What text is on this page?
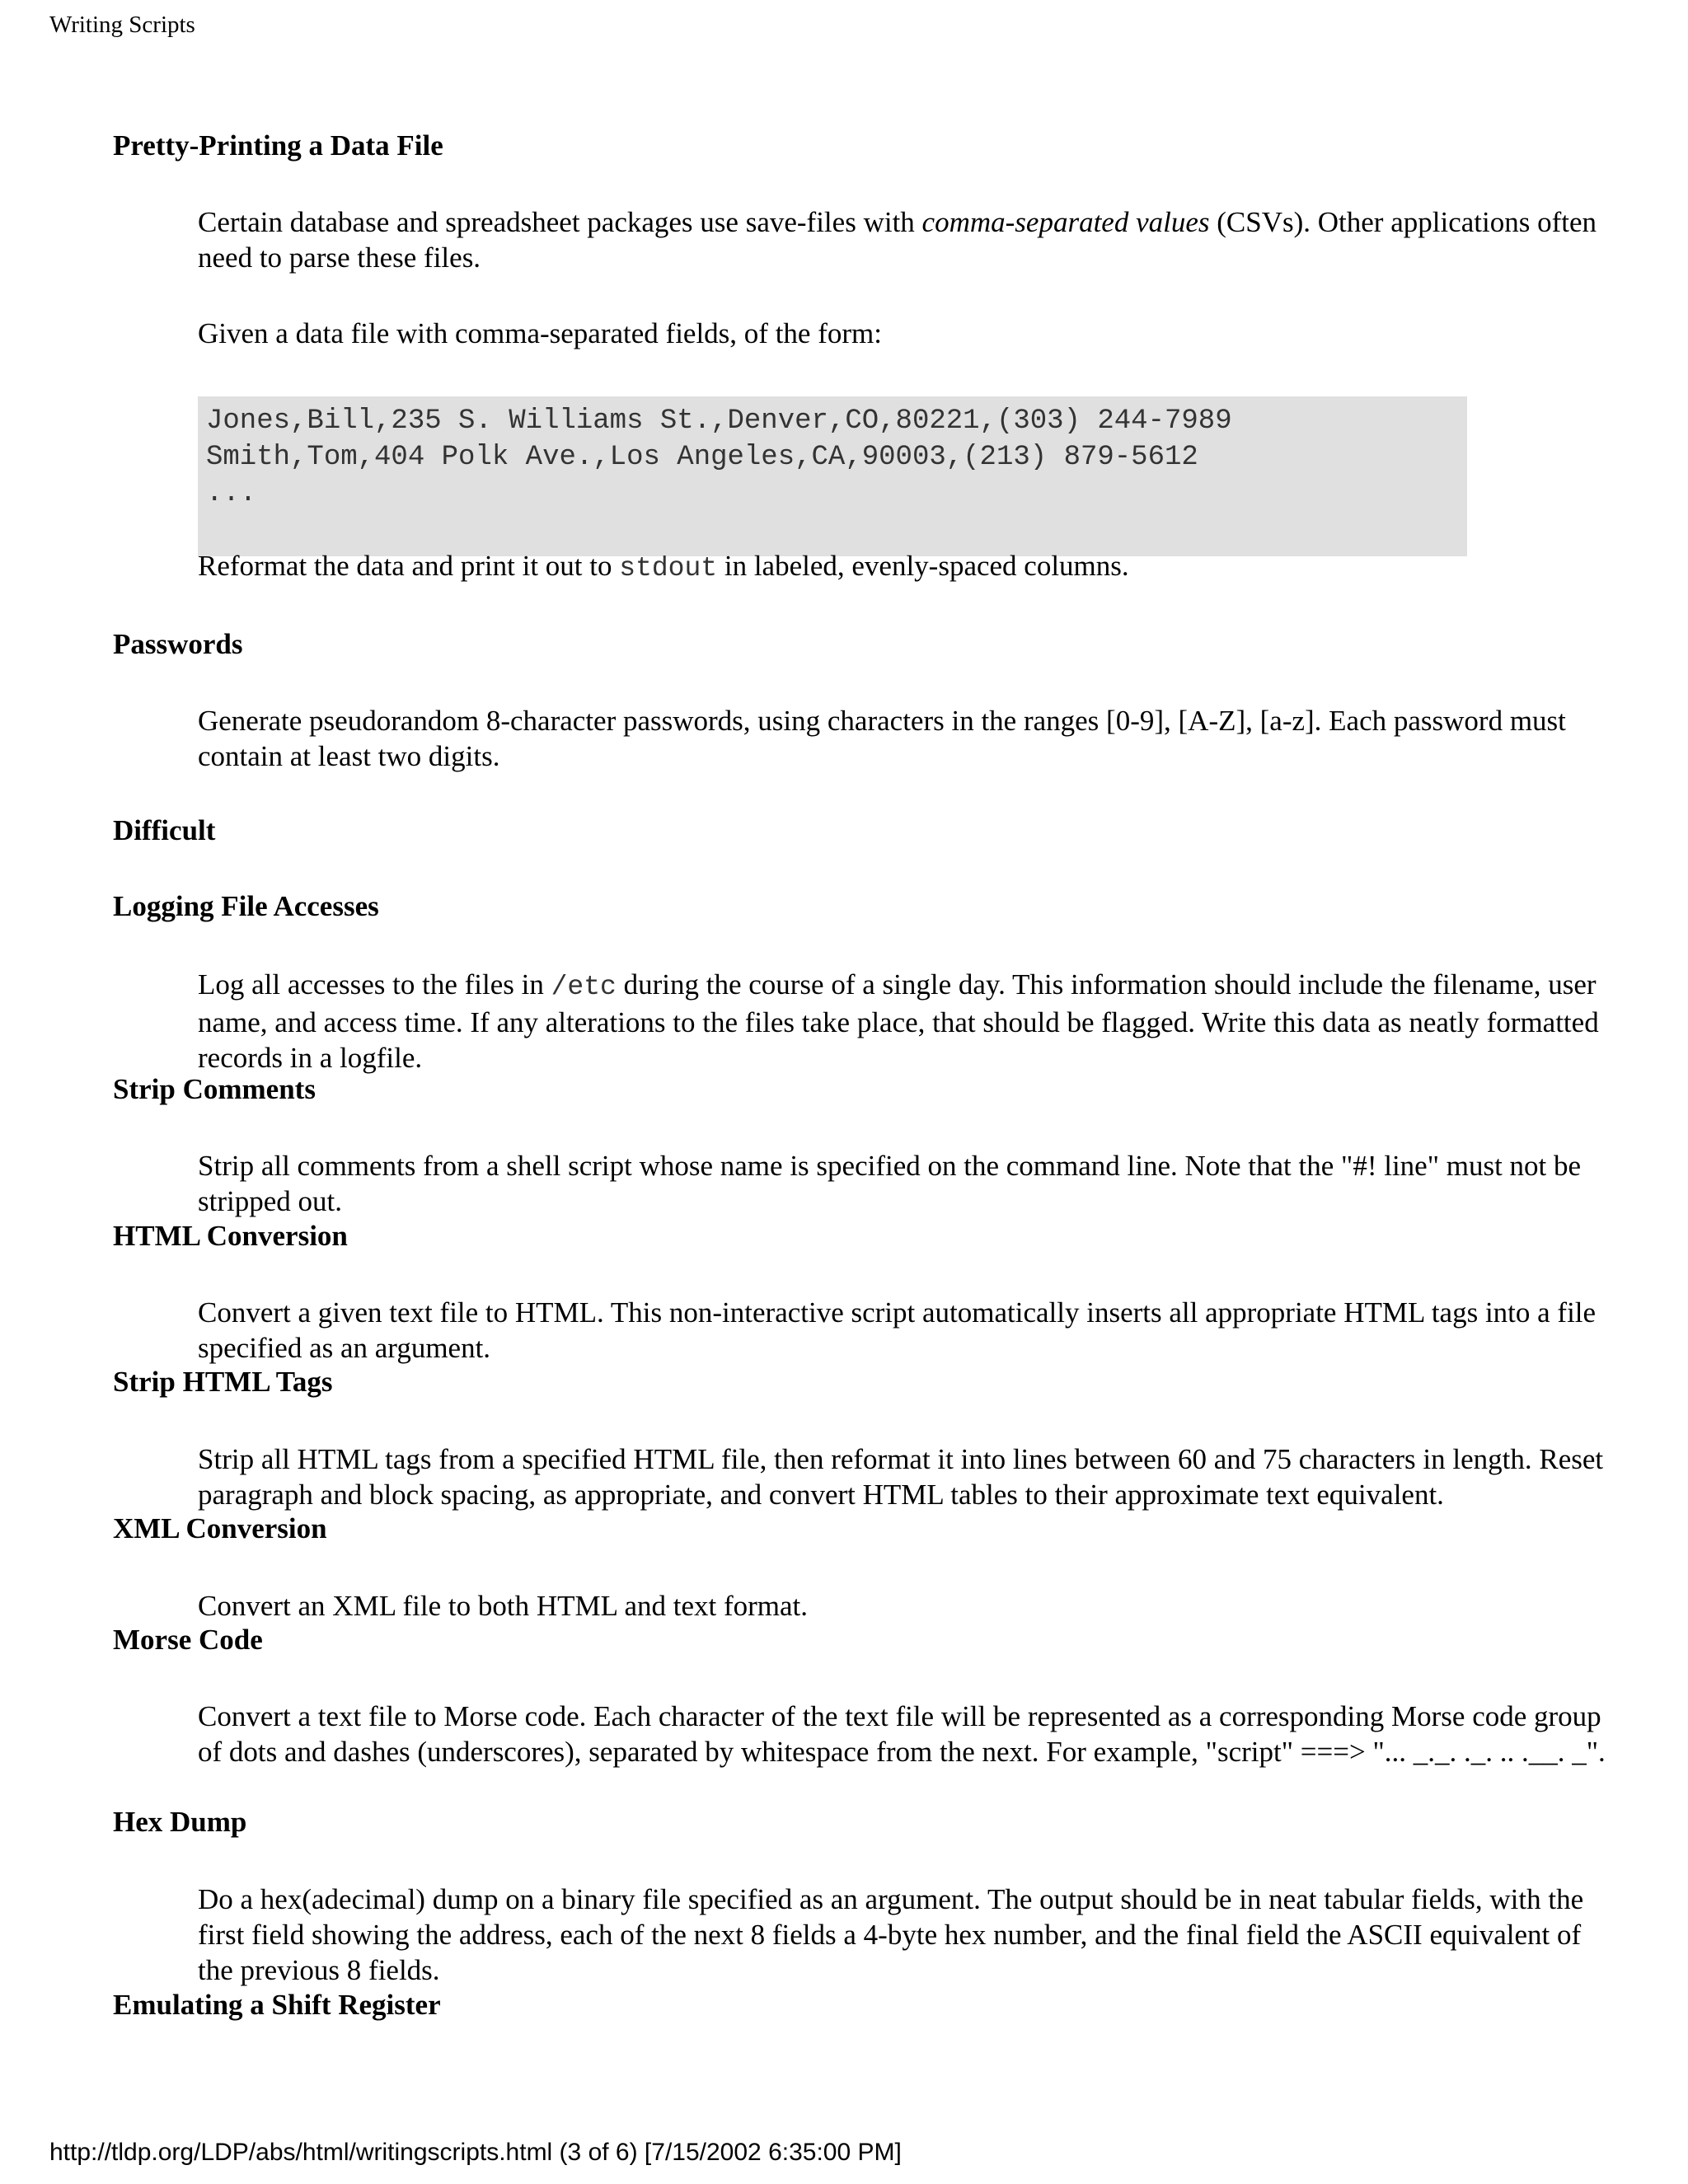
Writing Scripts
Pretty-Printing a Data File
Certain database and spreadsheet packages use save-files with comma-separated values (CSVs). Other applications often need to parse these files.
Given a data file with comma-separated fields, of the form:
Jones,Bill,235 S. Williams St.,Denver,CO,80221,(303) 244-7989
Smith,Tom,404 Polk Ave.,Los Angeles,CA,90003,(213) 879-5612
...
Reformat the data and print it out to stdout in labeled, evenly-spaced columns.
Passwords
Generate pseudorandom 8-character passwords, using characters in the ranges [0-9], [A-Z], [a-z]. Each password must contain at least two digits.
Difficult
Logging File Accesses
Log all accesses to the files in /etc during the course of a single day. This information should include the filename, user name, and access time. If any alterations to the files take place, that should be flagged. Write this data as neatly formatted records in a logfile.
Strip Comments
Strip all comments from a shell script whose name is specified on the command line. Note that the "#! line" must not be stripped out.
HTML Conversion
Convert a given text file to HTML. This non-interactive script automatically inserts all appropriate HTML tags into a file specified as an argument.
Strip HTML Tags
Strip all HTML tags from a specified HTML file, then reformat it into lines between 60 and 75 characters in length. Reset paragraph and block spacing, as appropriate, and convert HTML tables to their approximate text equivalent.
XML Conversion
Convert an XML file to both HTML and text format.
Morse Code
Convert a text file to Morse code. Each character of the text file will be represented as a corresponding Morse code group of dots and dashes (underscores), separated by whitespace from the next. For example, "script" ===> "... _._. ._. .. .__. _".
Hex Dump
Do a hex(adecimal) dump on a binary file specified as an argument. The output should be in neat tabular fields, with the first field showing the address, each of the next 8 fields a 4-byte hex number, and the final field the ASCII equivalent of the previous 8 fields.
Emulating a Shift Register
http://tldp.org/LDP/abs/html/writingscripts.html (3 of 6) [7/15/2002 6:35:00 PM]
